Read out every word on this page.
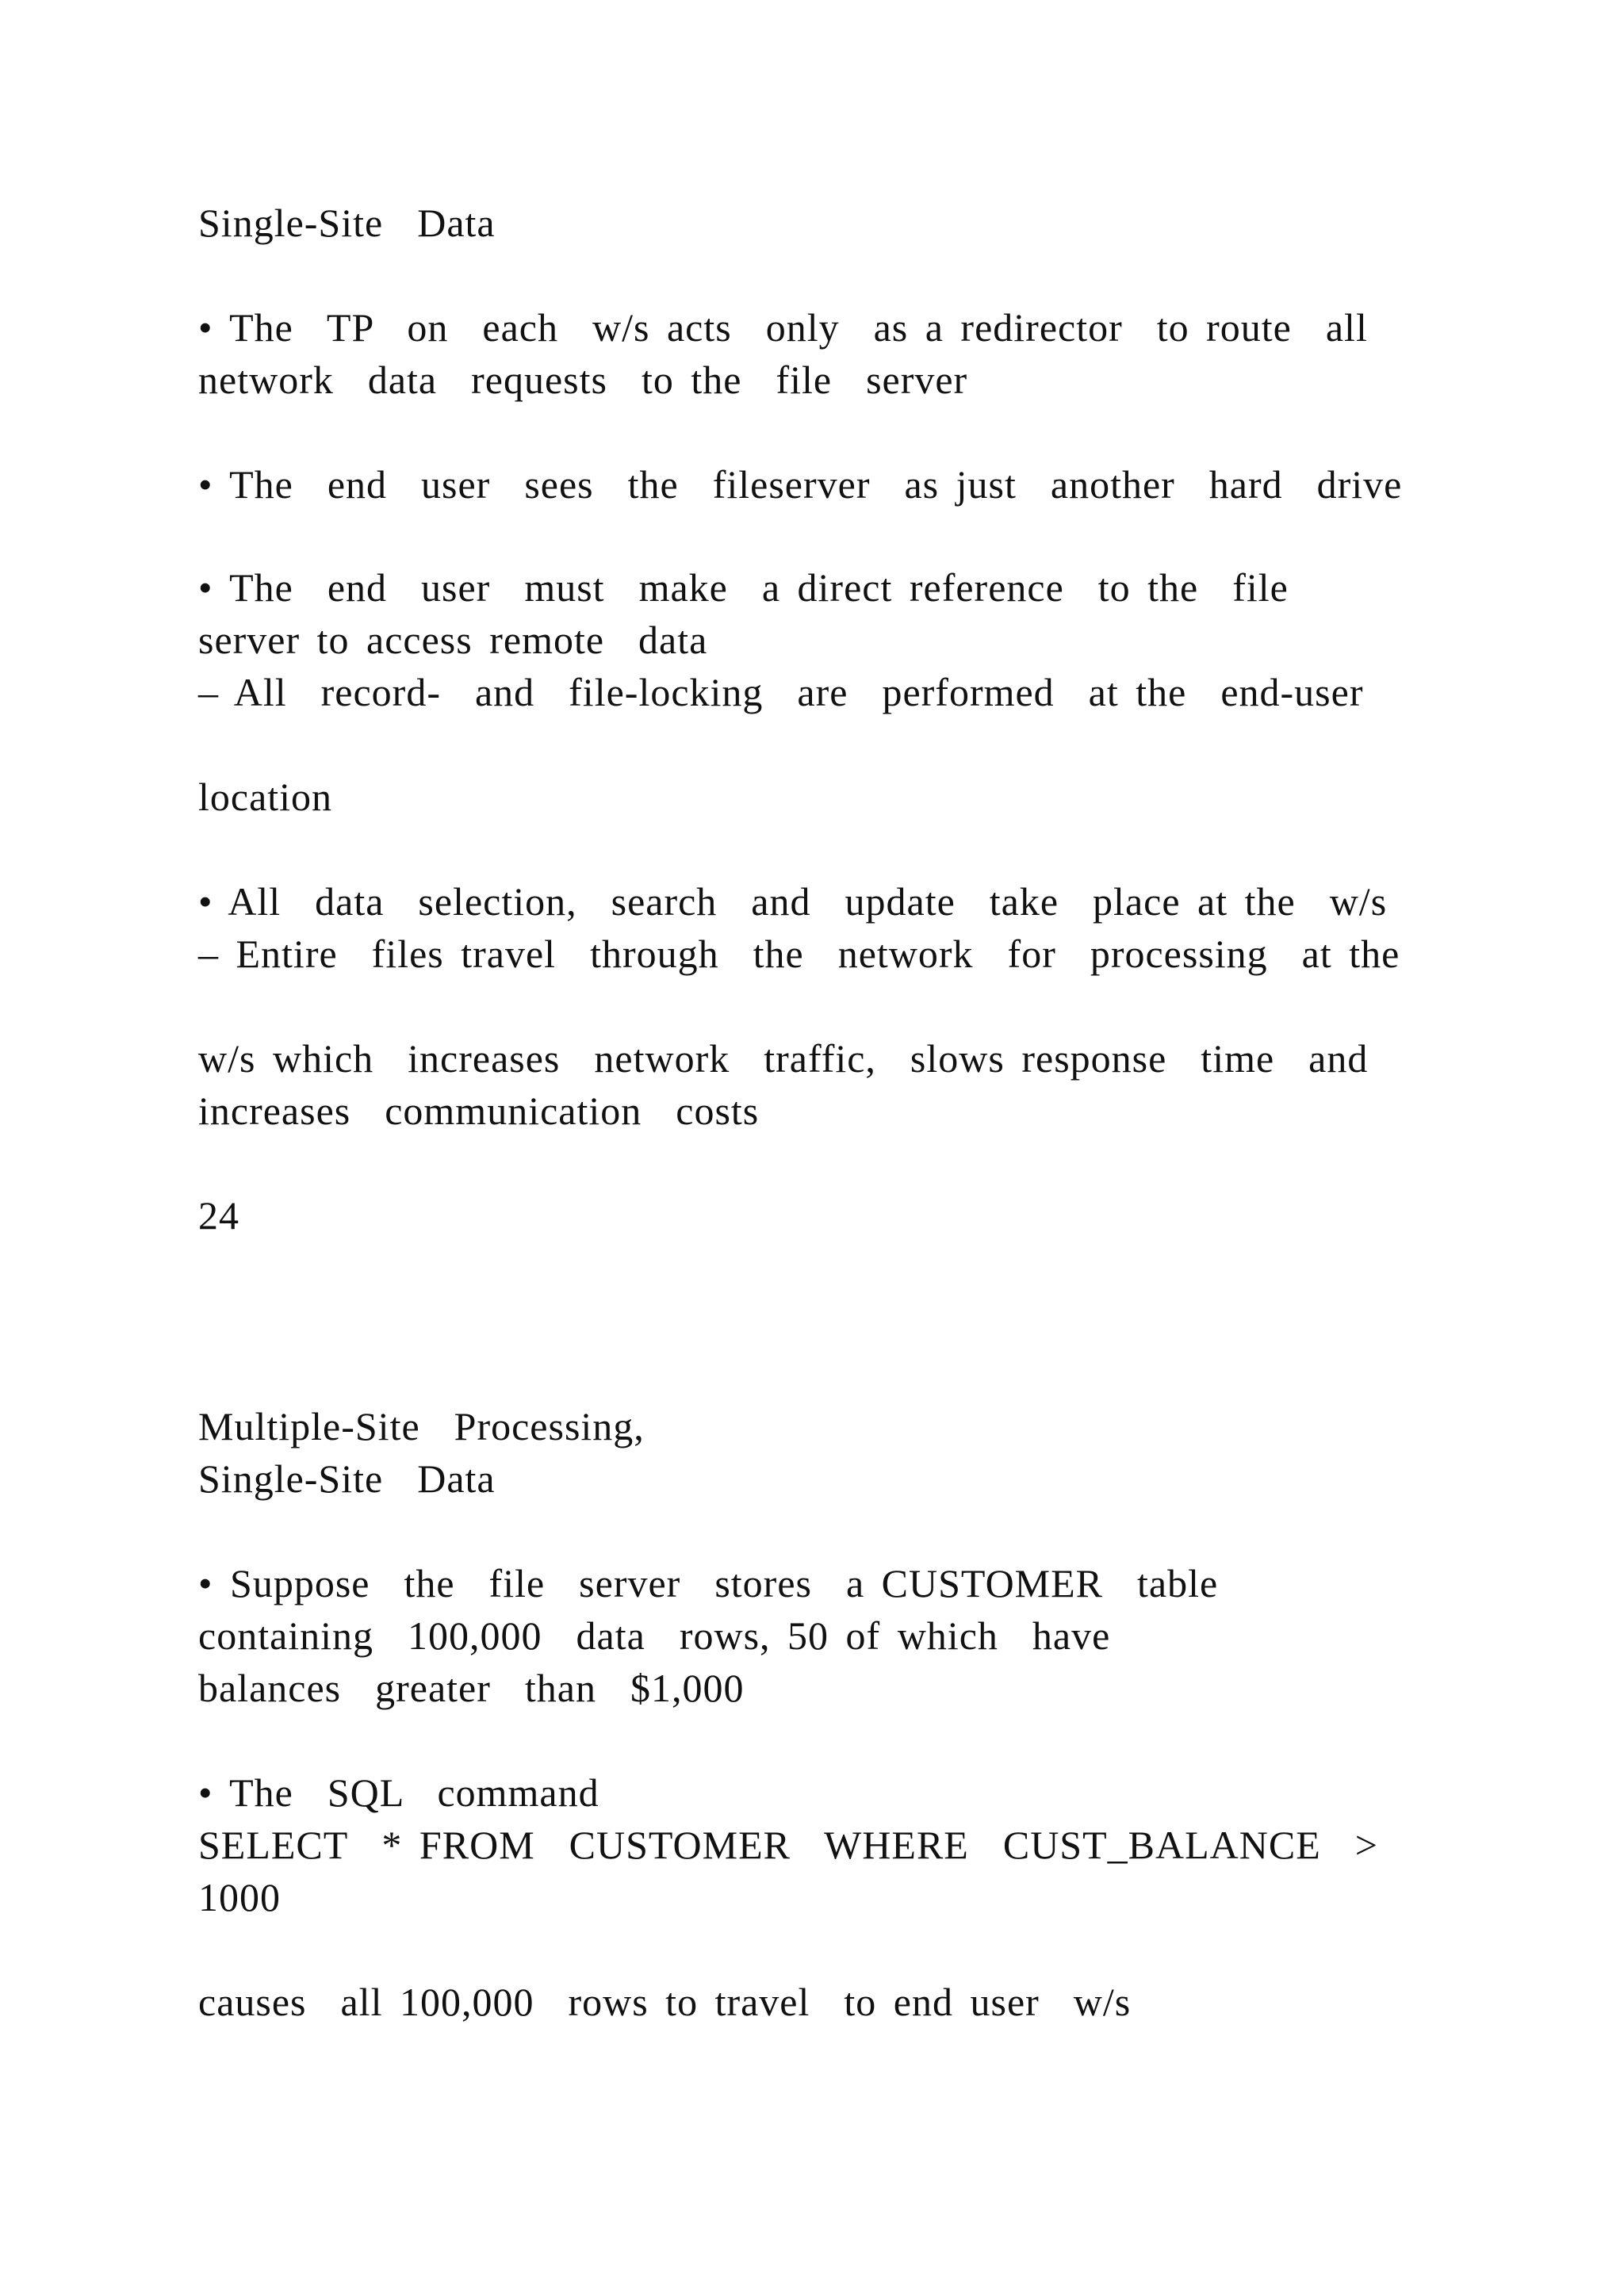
Single-Site  Data

• The  TP  on  each  w/s acts  only  as a redirector  to route  all

network  data  requests  to the  file  server

• The  end  user  sees  the  fileserver  as just  another  hard  drive

• The  end  user  must  make  a direct reference  to the  file

server to access remote  data

– All  record-  and  file-locking  are  performed  at the  end-user

location

• All  data  selection,  search  and  update  take  place at the  w/s

– Entire  files travel  through  the  network  for  processing  at the

w/s which  increases  network  traffic,  slows response  time  and

increases  communication  costs

24

Multiple-Site  Processing,

Single-Site  Data

• Suppose  the  file  server  stores  a CUSTOMER  table

containing  100,000  data  rows, 50 of which  have

balances  greater  than  $1,000

• The  SQL  command

SELECT  * FROM  CUSTOMER  WHERE  CUST_BALANCE  >

1000

causes  all 100,000  rows to travel  to end user  w/s
